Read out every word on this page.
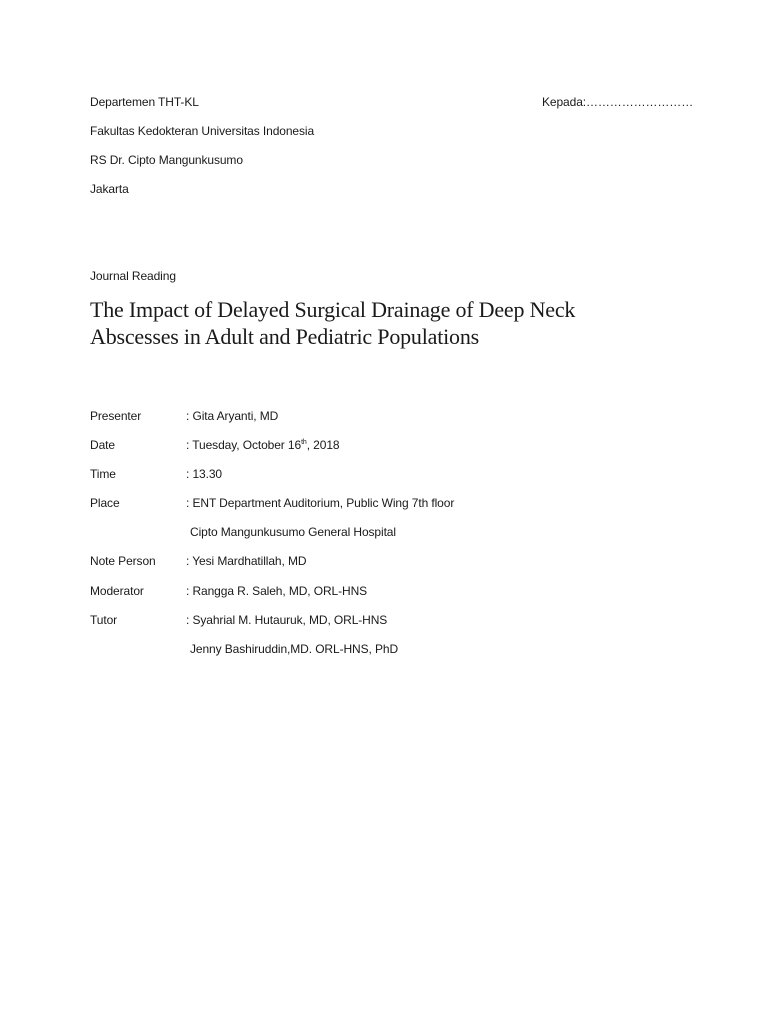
Departemen THT-KL
Fakultas Kedokteran Universitas Indonesia
RS Dr. Cipto Mangunkusumo
Jakarta
Kepada:………………………
Journal Reading
The Impact of Delayed Surgical Drainage of Deep Neck
Abscesses in Adult and Pediatric Populations
Presenter	: Gita Aryanti, MD
Date	: Tuesday, October 16th, 2018
Time	: 13.30
Place	: ENT Department Auditorium, Public Wing 7th floor
Cipto Mangunkusumo General Hospital
Note Person	: Yesi Mardhatillah, MD
Moderator	: Rangga R. Saleh, MD, ORL-HNS
Tutor	: Syahrial M. Hutauruk, MD, ORL-HNS
Jenny Bashiruddin,MD. ORL-HNS, PhD
